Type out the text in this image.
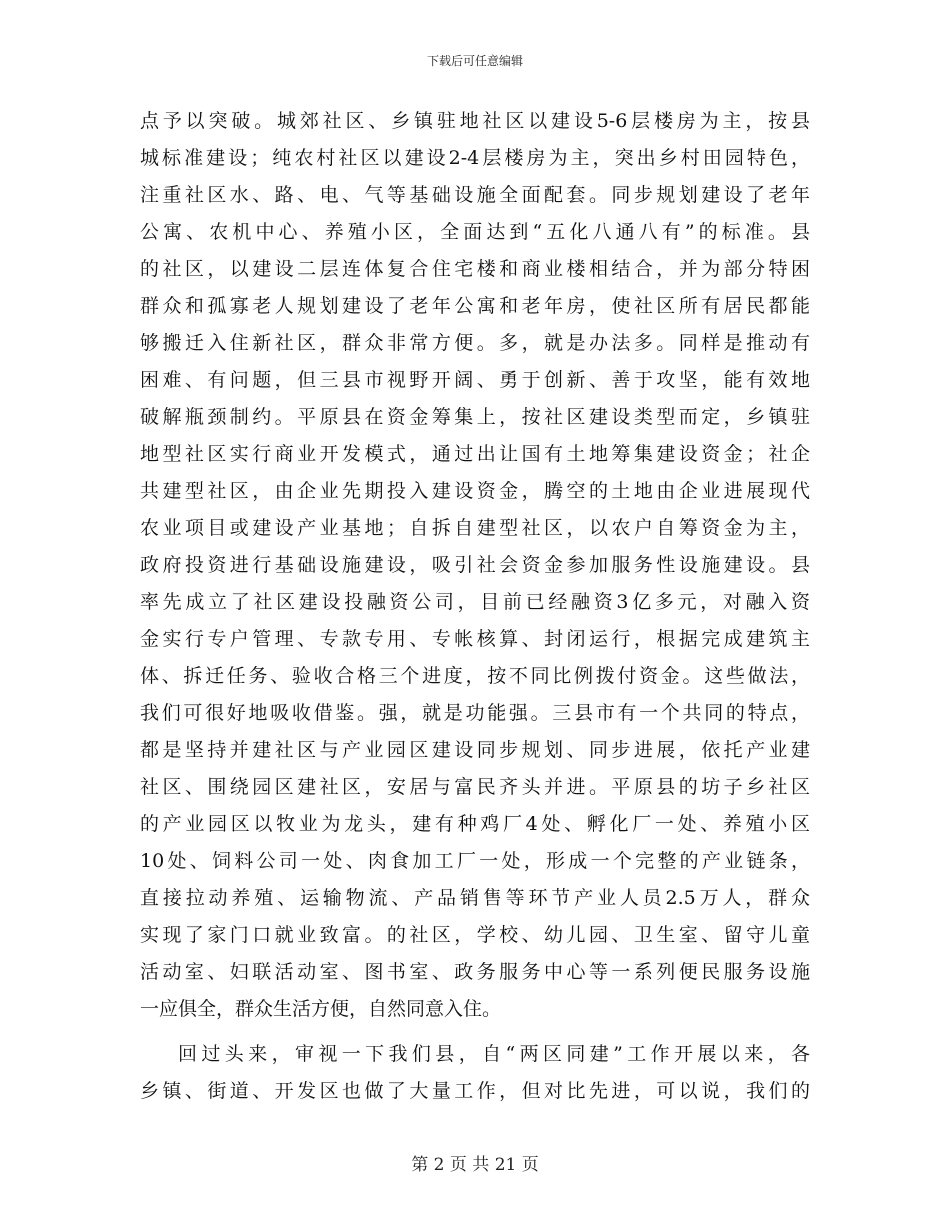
下载后可任意编辑
点予以突破。城郊社区、乡镇驻地社区以建设5-6层楼房为主，按县
城标准建设；纯农村社区以建设2-4层楼房为主，突出乡村田园特色，
注重社区水、路、电、气等基础设施全面配套。同步规划建设了老年
公寓、农机中心、养殖小区，全面达到“五化八通八有”的标准。县
的社区，以建设二层连体复合住宅楼和商业楼相结合，并为部分特困
群众和孤寡老人规划建设了老年公寓和老年房，使社区所有居民都能
够搬迁入住新社区，群众非常方便。多，就是办法多。同样是推动有
困难、有问题，但三县市视野开阔、勇于创新、善于攻坚，能有效地
破解瓶颈制约。平原县在资金筹集上，按社区建设类型而定，乡镇驻
地型社区实行商业开发模式，通过出让国有土地筹集建设资金；社企
共建型社区，由企业先期投入建设资金，腾空的土地由企业进展现代
农业项目或建设产业基地；自拆自建型社区，以农户自筹资金为主，
政府投资进行基础设施建设，吸引社会资金参加服务性设施建设。县
率先成立了社区建设投融资公司，目前已经融资3亿多元，对融入资
金实行专户管理、专款专用、专帐核算、封闭运行，根据完成建筑主
体、拆迁任务、验收合格三个进度，按不同比例拨付资金。这些做法，
我们可很好地吸收借鉴。强，就是功能强。三县市有一个共同的特点，
都是坚持并建社区与产业园区建设同步规划、同步进展，依托产业建
社区、围绕园区建社区，安居与富民齐头并进。平原县的坊子乡社区
的产业园区以牧业为龙头，建有种鸡厂4处、孵化厂一处、养殖小区
10处、饲料公司一处、肉食加工厂一处，形成一个完整的产业链条，
直接拉动养殖、运输物流、产品销售等环节产业人员2.5万人，群众
实现了家门口就业致富。的社区，学校、幼儿园、卫生室、留守儿童
活动室、妇联活动室、图书室、政务服务中心等一系列便民服务设施
一应俱全，群众生活方便，自然同意入住。
回过头来，审视一下我们县，自“两区同建”工作开展以来，各
乡镇、街道、开发区也做了大量工作，但对比先进，可以说，我们的
第 2 页 共 21 页
